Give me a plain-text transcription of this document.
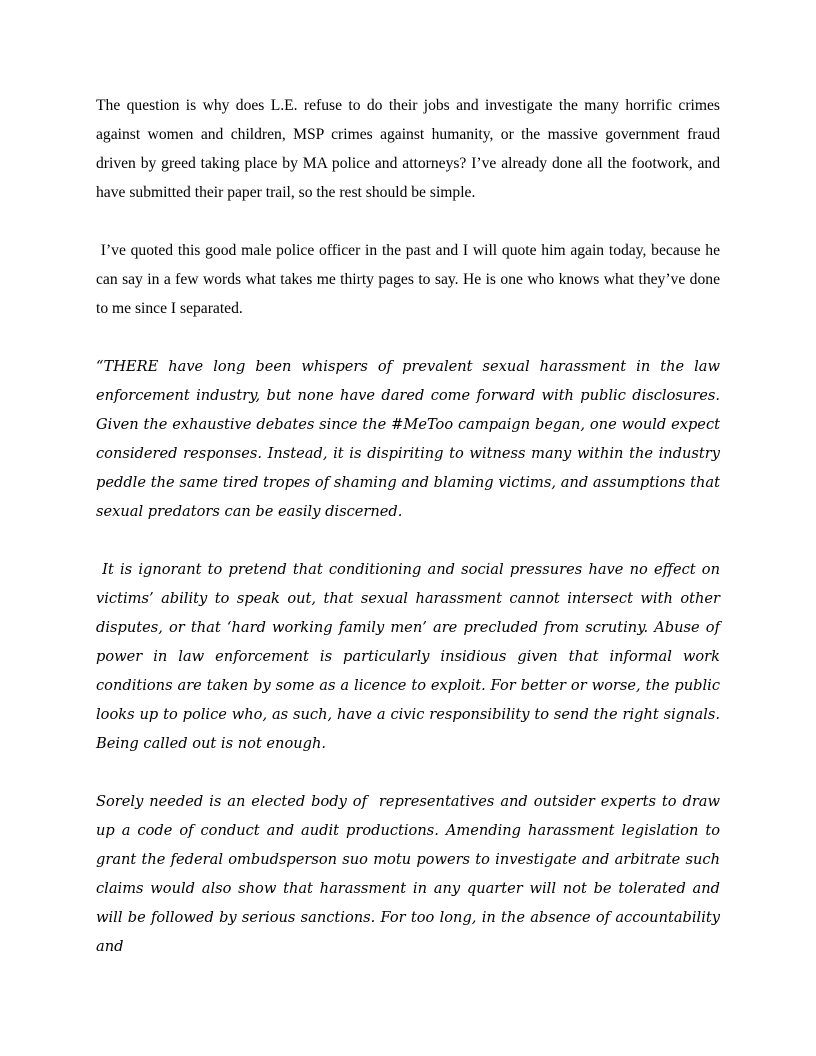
The question is why does L.E. refuse to do their jobs and investigate the many horrific crimes against women and children, MSP crimes against humanity, or the massive government fraud driven by greed taking place by MA police and attorneys? I’ve already done all the footwork, and have submitted their paper trail, so the rest should be simple.

I’ve quoted this good male police officer in the past and I will quote him again today, because he can say in a few words what takes me thirty pages to say. He is one who knows what they’ve done to me since I separated.

“THERE have long been whispers of prevalent sexual harassment in the law enforcement industry, but none have dared come forward with public disclosures. Given the exhaustive debates since the #MeToo campaign began, one would expect considered responses. Instead, it is dispiriting to witness many within the industry peddle the same tired tropes of shaming and blaming victims, and assumptions that sexual predators can be easily discerned.

It is ignorant to pretend that conditioning and social pressures have no effect on victims’ ability to speak out, that sexual harassment cannot intersect with other disputes, or that ‘hard working family men’ are precluded from scrutiny. Abuse of power in law enforcement is particularly insidious given that informal work conditions are taken by some as a licence to exploit. For better or worse, the public looks up to police who, as such, have a civic responsibility to send the right signals. Being called out is not enough.

Sorely needed is an elected body of  representatives and outsider experts to draw up a code of conduct and audit productions. Amending harassment legislation to grant the federal ombudsperson suo motu powers to investigate and arbitrate such claims would also show that harassment in any quarter will not be tolerated and will be followed by serious sanctions. For too long, in the absence of accountability and
